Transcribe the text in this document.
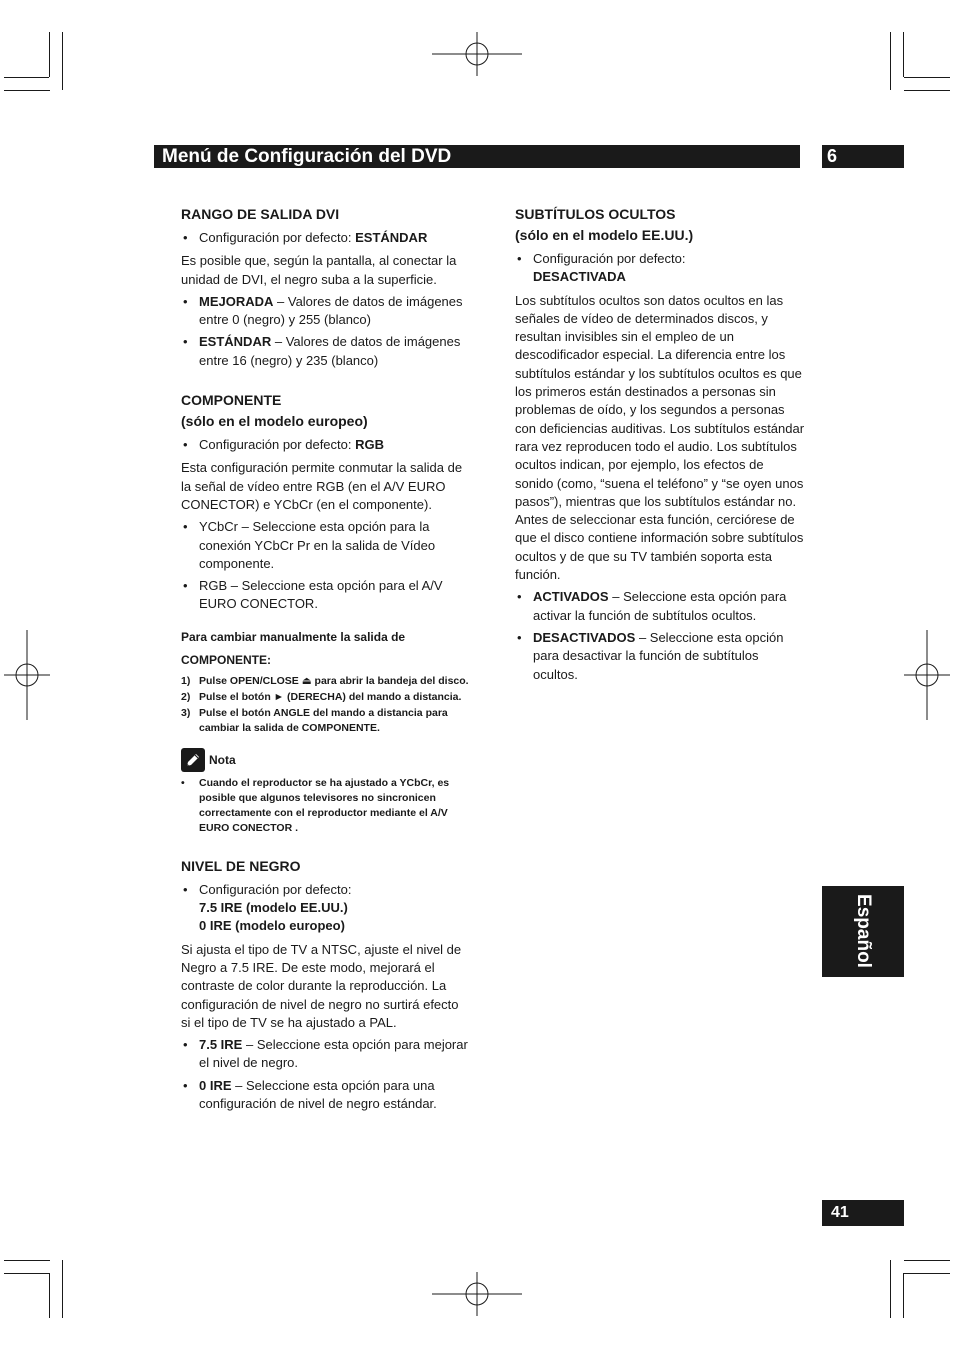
Menú de Configuración del DVD	6
Español
41
RANGO DE SALIDA DVI
• Configuración por defecto: ESTÁNDAR

Es posible que, según la pantalla, al conectar la unidad de DVI, el negro suba a la superficie.

• MEJORADA – Valores de datos de imágenes entre 0 (negro) y 255 (blanco)
• ESTÁNDAR – Valores de datos de imágenes entre 16 (negro) y 235 (blanco)
COMPONENTE
(sólo en el modelo europeo)
• Configuración por defecto: RGB

Esta configuración permite conmutar la salida de la señal de vídeo entre RGB (en el A/V EURO CONECTOR) e YCbCr (en el componente).

• YCbCr – Seleccione esta opción para la conexión YCbCr Pr en la salida de Vídeo componente.
• RGB – Seleccione esta opción para el A/V EURO CONECTOR.
Para cambiar manualmente la salida de
COMPONENTE:
1) Pulse OPEN/CLOSE ⏏ para abrir la bandeja del disco.
2) Pulse el botón ► (DERECHA) del mando a distancia.
3) Pulse el botón ANGLE del mando a distancia para cambiar la salida de COMPONENTE.
Nota
• Cuando el reproductor se ha ajustado a YCbCr, es posible que algunos televisores no sincronicen correctamente con el reproductor mediante el A/V EURO CONECTOR .
NIVEL DE NEGRO
• Configuración por defecto:
7.5 IRE (modelo EE.UU.)
0 IRE (modelo europeo)

Si ajusta el tipo de TV a NTSC, ajuste el nivel de Negro a 7.5 IRE. De este modo, mejorará el contraste de color durante la reproducción. La configuración de nivel de negro no surtirá efecto si el tipo de TV se ha ajustado a PAL.

• 7.5 IRE – Seleccione esta opción para mejorar el nivel de negro.
• 0 IRE – Seleccione esta opción para una configuración de nivel de negro estándar.
SUBTÍTULOS OCULTOS
(sólo en el modelo EE.UU.)
• Configuración por defecto:
DESACTIVADA

Los subtítulos ocultos son datos ocultos en las señales de vídeo de determinados discos, y resultan invisibles sin el empleo de un descodificador especial. La diferencia entre los subtítulos estándar y los subtítulos ocultos es que los primeros están destinados a personas sin problemas de oído, y los segundos a personas con deficiencias auditivas. Los subtítulos estándar rara vez reproducen todo el audio. Los subtítulos ocultos indican, por ejemplo, los efectos de sonido (como, “suena el teléfono” y “se oyen unos pasos”), mientras que los subtítulos estándar no. Antes de seleccionar esta función, cerciórese de que el disco contiene información sobre subtítulos ocultos y de que su TV también soporta esta función.

• ACTIVADOS – Seleccione esta opción para activar la función de subtítulos ocultos.
• DESACTIVADOS – Seleccione esta opción para desactivar la función de subtítulos ocultos.
